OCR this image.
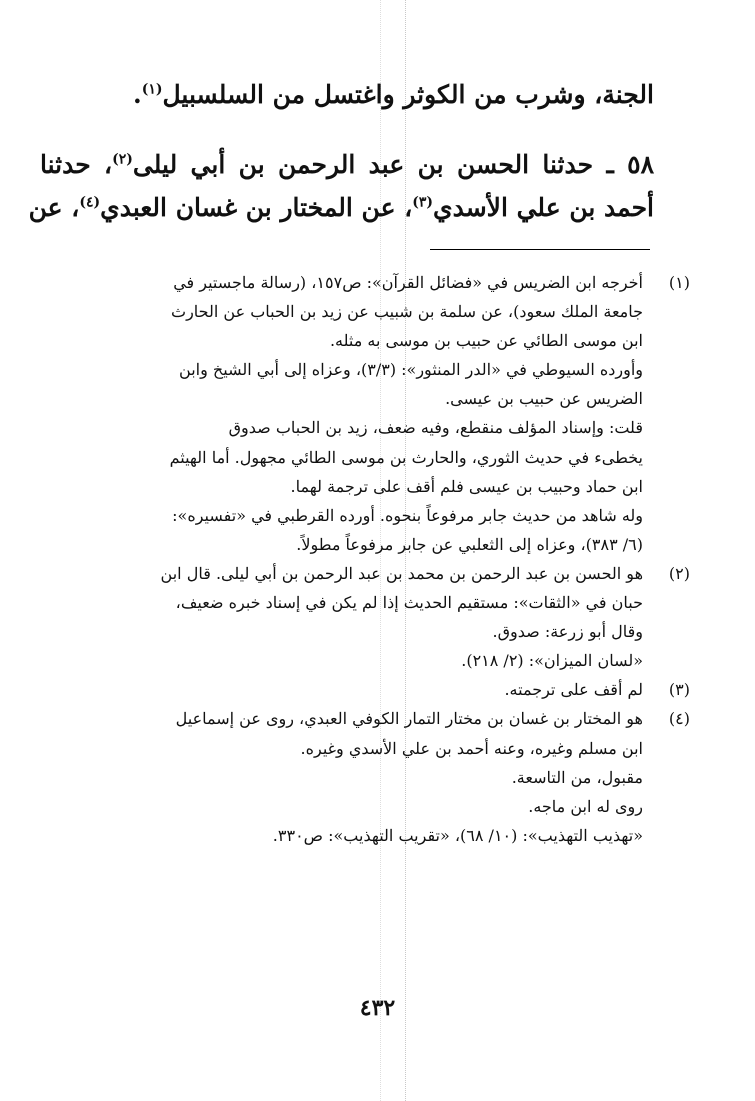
الجنة، وشرب من الكوثر واغتسل من السلسبيل$^{(١)}$.
٥٨ ـ حدثنا الحسن بن عبد الرحمن بن أبي ليلى$^{(٢)}$، حدثنا
أحمد بن علي الأسدي$^{(٣)}$، عن المختار بن غسان العبدي$^{(٤)}$، عن
(١)
أخرجه ابن الضريس في «فضائل القرآن»: ص١٥٧، (رسالة ماجستير في
جامعة الملك سعود)، عن سلمة بن شبيب عن زيد بن الحباب عن الحارث
ابن موسى الطائي عن حبيب بن موسى به مثله.
وأورده السيوطي في «الدر المنثور»: (٣/٣)، وعزاه إلى أبي الشيخ وابن
الضريس عن حبيب بن عيسى.
قلت: وإسناد المؤلف منقطع، وفيه ضعف، زيد بن الحباب صدوق
يخطىء في حديث الثوري، والحارث بن موسى الطائي مجهول. أما الهيثم
ابن حماد وحبيب بن عيسى فلم أقف على ترجمة لهما.
وله شاهد من حديث جابر مرفوعاً بنحوه. أورده القرطبي في «تفسيره»:
(٦/ ٣٨٣)، وعزاه إلى الثعلبي عن جابر مرفوعاً مطولاً.
(٢)
هو الحسن بن عبد الرحمن بن محمد بن عبد الرحمن بن أبي ليلى. قال ابن
حبان في «الثقات»: مستقيم الحديث إذا لم يكن في إسناد خبره ضعيف،
وقال أبو زرعة: صدوق.
«لسان الميزان»: (٢/ ٢١٨).
(٣)
لم أقف على ترجمته.
(٤)
هو المختار بن غسان بن مختار التمار الكوفي العبدي، روى عن إسماعيل
ابن مسلم وغيره، وعنه أحمد بن علي الأسدي وغيره.
مقبول، من التاسعة.
روى له ابن ماجه.
«تهذيب التهذيب»: (١٠/ ٦٨)، «تقريب التهذيب»: ص٣٣٠.
٤٣٢
